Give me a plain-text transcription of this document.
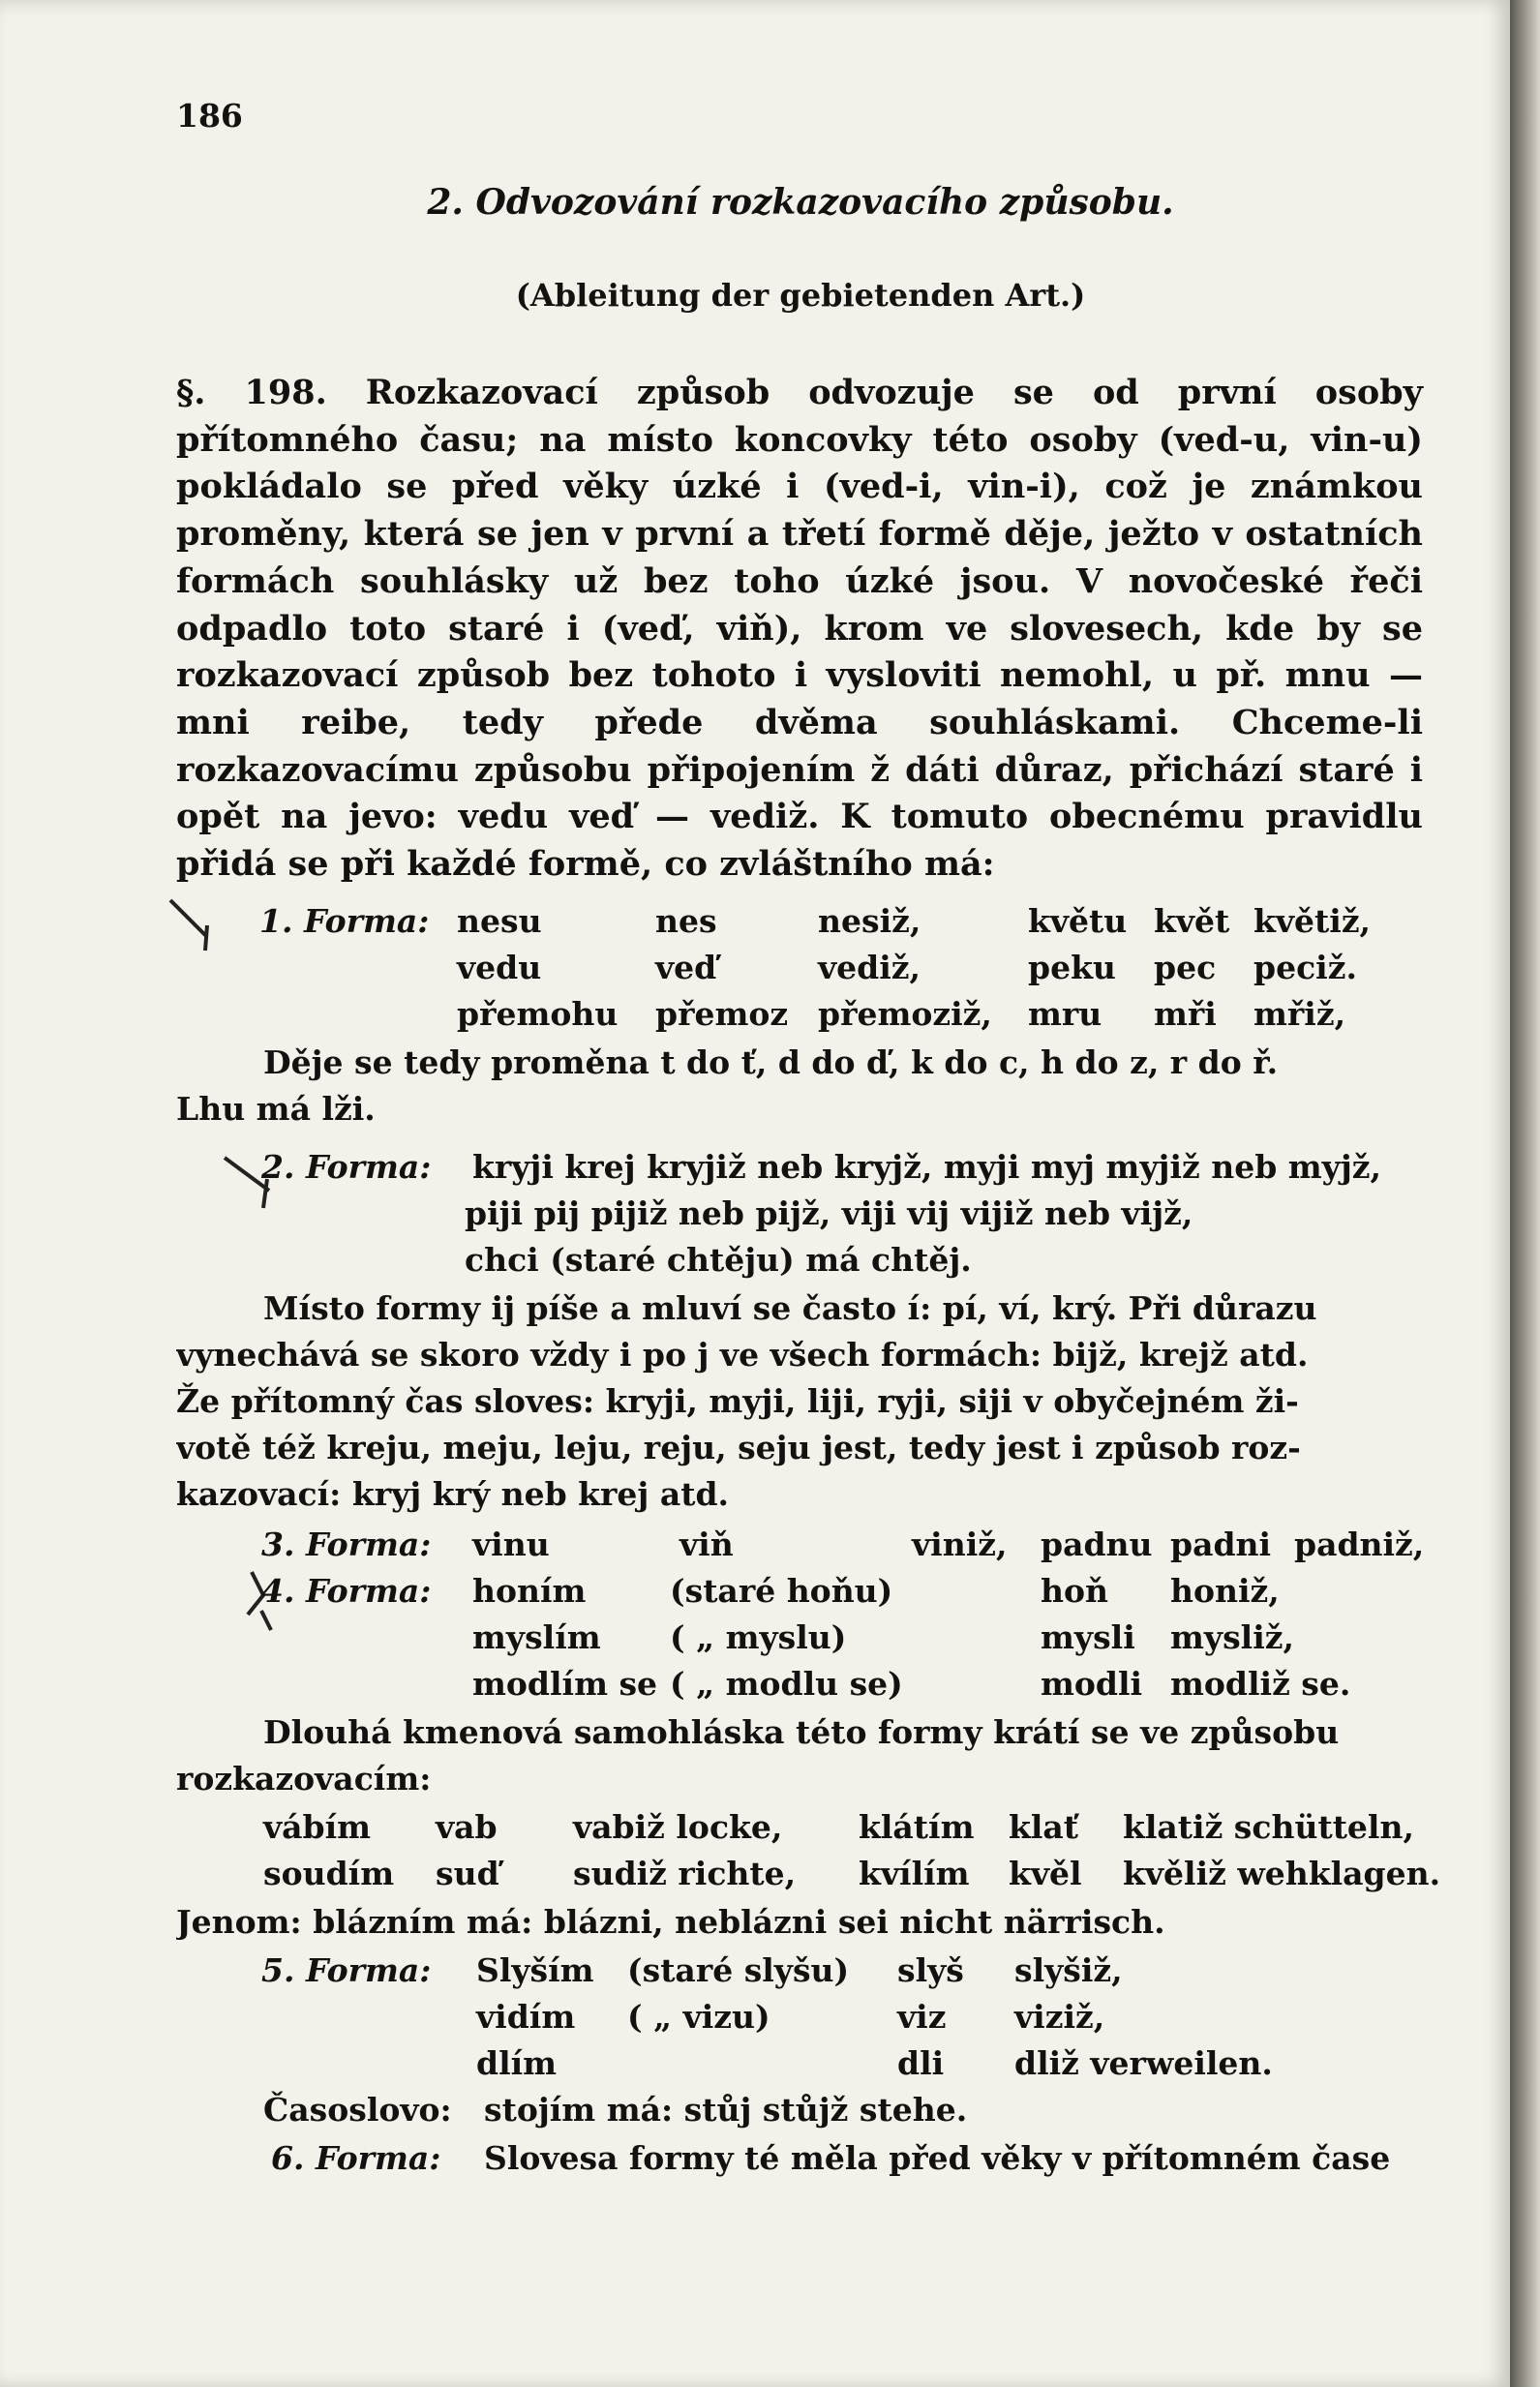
186
2. Odvozování rozkazovacího způsobu.
(Ableitung der gebietenden Art.)
§. 198. Rozkazovací způsob odvozuje se od první osoby přítomného času; na místo koncovky této osoby (ved-u, vin-u) pokládalo se před věky úzké i (ved-i, vin-i), což je známkou proměny, která se jen v první a třetí formě děje, ježto v ostatních formách souhlásky už bez toho úzké jsou. V novočeské řeči odpadlo toto staré i (veď, viň), krom ve slovesech, kde by se rozkazovací způsob bez tohoto i vysloviti nemohl, u př. mnu — mni reibe, tedy přede dvěma souhláskami. Chceme-li rozkazovacímu způsobu připojením ž dáti důraz, přichází staré i opět na jevo: vedu veď — vediž. K tomuto obecnému pravidlu přidá se při každé formě, co zvláštního má:
1. Forma: nesu	nes	nesiž,	květu květ květiž,
vedu	veď	vediž,	peku pec peciž.
přemohu přemoz přemoziž, mru mři mřiž,
Děje se tedy proměna t do ť, d do ď, k do c, h do z, r do ř.
Lhu má lži.
2. Forma: kryji krej kryjiž neb kryjž, myji myj myjiž neb myjž,
piji pij pijiž neb pijž, viji vij vijiž neb vijž,
chci (staré chtěju) má chtěj.
Místo formy ij píše a mluví se často í: pí, ví, krý. Při důrazu
vynechává se skoro vždy i po j ve všech formách: bijž, krejž atd.
Že přítomný čas sloves: kryji, myji, liji, ryji, siji v obyčejném ži-
votě též kreju, meju, leju, reju, seju jest, tedy jest i způsob roz-
kazovací: kryj krý neb krej atd.
3. Forma: vinu	viň	viniž, padnu padni padniž,
4. Forma: honím	(staré hoňu)	hoň honiž,
myslím ( „ myslu)	mysli mysliž,
modlím se ( „ modlu se)	modli modliž se.
Dlouhá kmenová samohláska této formy krátí se ve způsobu
rozkazovacím:
vábím vab vabiž locke, klátím klať klatiž schütteln,
soudím suď sudiž richte, kvílím kvěl kvěliž wehklagen.
Jenom: blázním má: blázni, neblázni sei nicht närrisch.
5. Forma: Slyším (staré slyšu) slyš slyšiž,
vidím ( „ vizu)	viz viziž,
dlím	dli dliž verweilen.
Časoslovo: stojím má: stůj stůjž stehe.
6. Forma: Slovesa formy té měla před věky v přítomném čase
